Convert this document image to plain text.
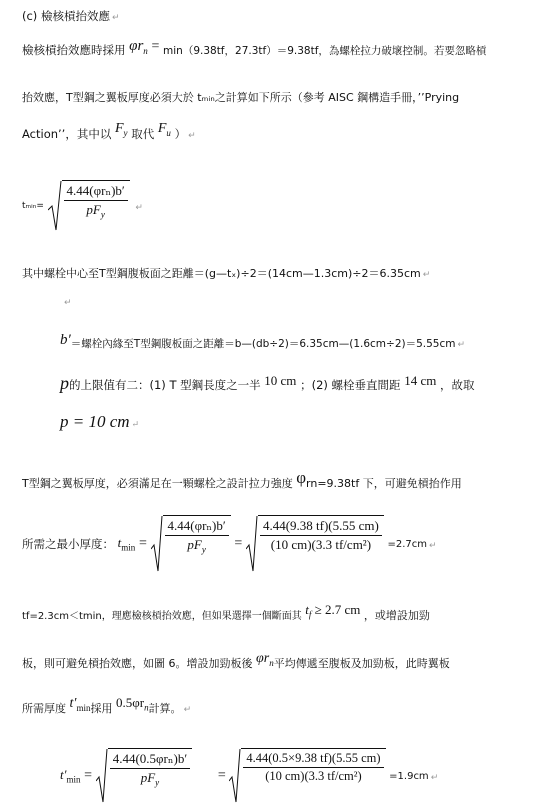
(c) 檢核槓抬效應 ↵
檢核槓抬效應時採用 $\varphi r_n = \min(9.38tf$，27.3tf）＝9.38tf，為螺栓拉力破壞控制。若要忽略槓
抬效應，T型鋼之翼板厚度必須大於 tₘᵢₙ之計算如下所示（參考 AISC 鋼構造手冊，’’Prying
Action’’，其中以 $F_y$ 取代 $F_u$ ） ↵
tₘᵢₙ= $\frac{\text{4.44(φrₙ)b′}}{pF_y}$ ↵
其中螺栓中心至T型鋼腹板面之距離＝(g—tₓ)÷2＝(14cm—1.3cm)÷2＝6.35cm ↵
↵
b′＝螺栓內緣至T型鋼腹板面之距離＝b—(db÷2)＝6.35cm—(1.6cm÷2)＝5.55cm ↵
p的上限值有二：(1) T 型鋼長度之一半 10 cm ；(2) 螺栓垂直間距 14 cm ，故取
p = 10 cm ↵
T型鋼之翼板厚度，必須滿足在一顆螺栓之設計拉力強度 φrn=9.38tf 下，可避免槓抬作用
所需之最小厚度： $t_{min} = \frac{\text{4.44(φrₙ)b′}}{pF_y} = \frac{4.44(9.38 tf)(5.55 cm)}{\text{(10 cm)(3.3 tf/cm²)}} =2.7cm$ ↵
tf=2.3cm＜tmin，理應檢核槓抬效應，但如果選擇一個斷面其 $t_f \ge 2.7$ cm ，或增設加勁
板，則可避免槓抬效應，如圖 6。增設加勁板後 $\varphi r_n$平均傳遞至腹板及加勁板，此時翼板
所需厚度 $t'_{min}$採用 $0.5\varphi r_n$計算。 ↵
$t'_{min} = \frac{\text{4.44(0.5φrₙ)b′}}{pF_y} = \frac{4.44(0.5\times 9.38 tf)(5.55 cm)}{\text{(10 cm)(3.3 tf/cm²)}} =1.9cm$ ↵
